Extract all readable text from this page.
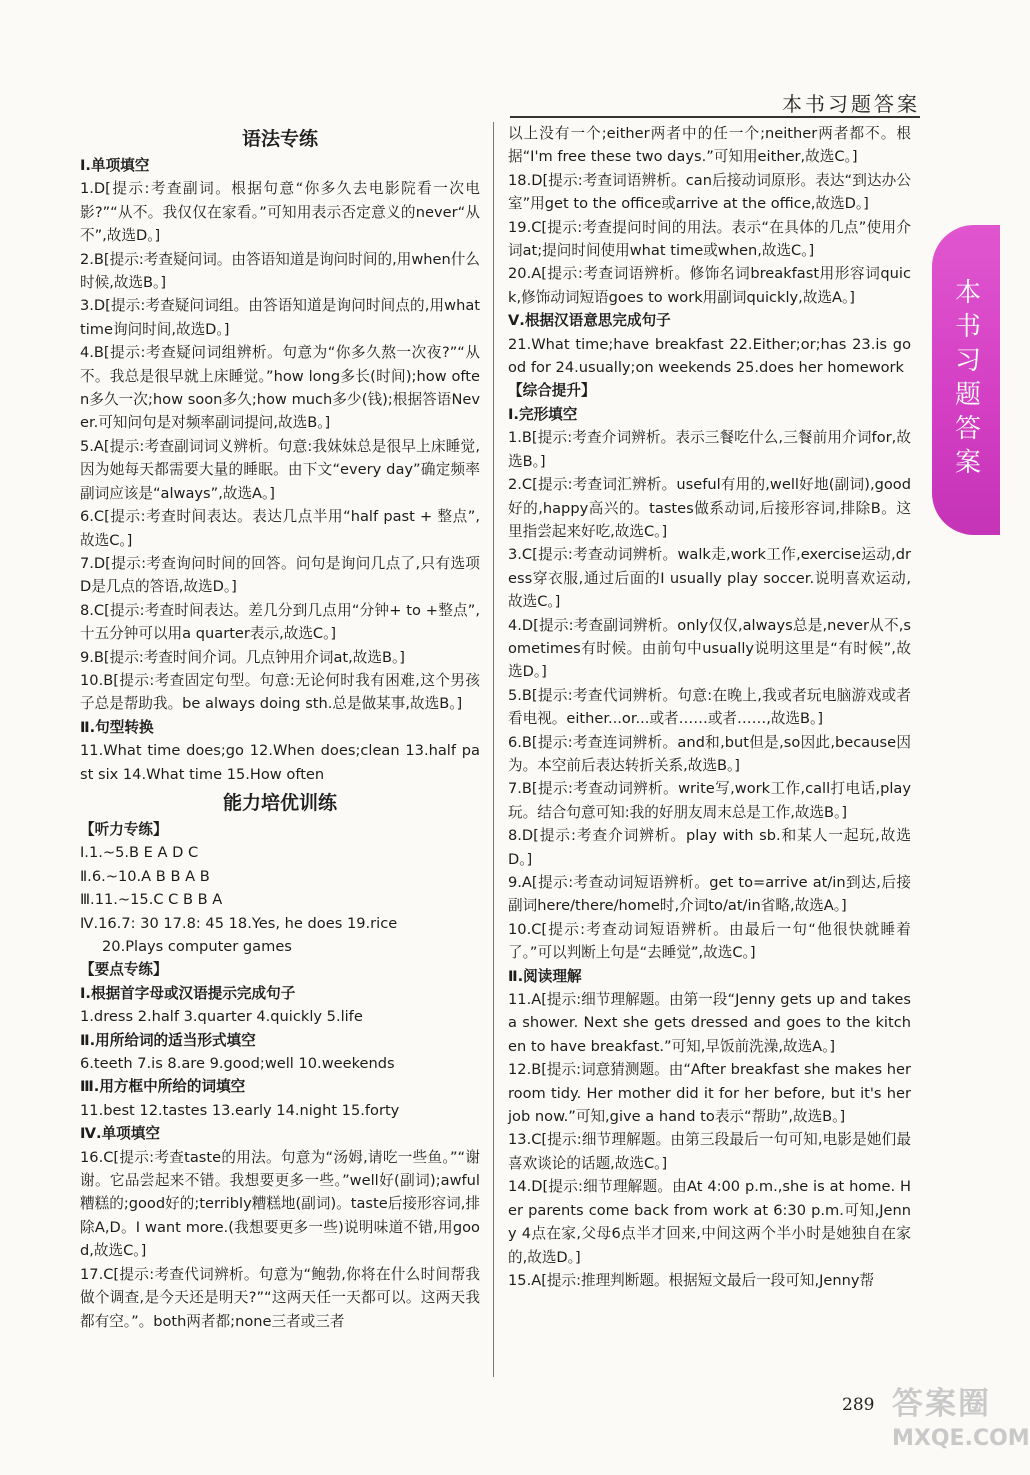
本书习题答案
本书习题答案
语法专练
Ⅰ.单项填空
1.D[提示:考查副词。根据句意“你多久去电影院看一次电影?”“从不。我仅仅在家看。”可知用表示否定意义的never“从不”,故选D。]
2.B[提示:考查疑问词。由答语知道是询问时间的,用when什么时候,故选B。]
3.D[提示:考查疑问词组。由答语知道是询问时间点的,用what time询问时间,故选D。]
4.B[提示:考查疑问词组辨析。句意为“你多久熬一次夜?”“从不。我总是很早就上床睡觉。”how long多长(时间);how often多久一次;how soon多久;how much多少(钱);根据答语Never.可知问句是对频率副词提问,故选B。]
5.A[提示:考查副词词义辨析。句意:我妹妹总是很早上床睡觉,因为她每天都需要大量的睡眠。由下文“every day”确定频率副词应该是“always”,故选A。]
6.C[提示:考查时间表达。表达几点半用“half past + 整点”,故选C。]
7.D[提示:考查询问时间的回答。问句是询问几点了,只有选项D是几点的答语,故选D。]
8.C[提示:考查时间表达。差几分到几点用“分钟+ to +整点”,十五分钟可以用a quarter表示,故选C。]
9.B[提示:考查时间介词。几点钟用介词at,故选B。]
10.B[提示:考查固定句型。句意:无论何时我有困难,这个男孩子总是帮助我。be always doing sth.总是做某事,故选B。]
Ⅱ.句型转换
11.What time does;go 12.When does;clean 13.half past six 14.What time 15.How often
能力培优训练
【听力专练】
Ⅰ.1.~5.B E A D C
Ⅱ.6.~10.A B B A B
Ⅲ.11.~15.C C B B A
Ⅳ.16.7: 30 17.8: 45 18.Yes, he does 19.rice
20.Plays computer games
【要点专练】
Ⅰ.根据首字母或汉语提示完成句子
1.dress 2.half 3.quarter 4.quickly 5.life
Ⅱ.用所给词的适当形式填空
6.teeth 7.is 8.are 9.good;well 10.weekends
Ⅲ.用方框中所给的词填空
11.best 12.tastes 13.early 14.night 15.forty
Ⅳ.单项填空
16.C[提示:考查taste的用法。句意为“汤姆,请吃一些鱼。”“谢谢。它品尝起来不错。我想要更多一些。”well好(副词);awful糟糕的;good好的;terribly糟糕地(副词)。taste后接形容词,排除A,D。I want more.(我想要更多一些)说明味道不错,用good,故选C。]
17.C[提示:考查代词辨析。句意为“鲍勃,你将在什么时间帮我做个调查,是今天还是明天?”“这两天任一天都可以。这两天我都有空。”。both两者都;none三者或三者
以上没有一个;either两者中的任一个;neither两者都不。根据“I'm free these two days.”可知用either,故选C。]
18.D[提示:考查词语辨析。can后接动词原形。表达“到达办公室”用get to the office或arrive at the office,故选D。]
19.C[提示:考查提问时间的用法。表示“在具体的几点”使用介词at;提问时间使用what time或when,故选C。]
20.A[提示:考查词语辨析。修饰名词breakfast用形容词quick,修饰动词短语goes to work用副词quickly,故选A。]
Ⅴ.根据汉语意思完成句子
21.What time;have breakfast 22.Either;or;has 23.is good for 24.usually;on weekends 25.does her homework
【综合提升】
Ⅰ.完形填空
1.B[提示:考查介词辨析。表示三餐吃什么,三餐前用介词for,故选B。]
2.C[提示:考查词汇辨析。useful有用的,well好地(副词),good好的,happy高兴的。tastes做系动词,后接形容词,排除B。这里指尝起来好吃,故选C。]
3.C[提示:考查动词辨析。walk走,work工作,exercise运动,dress穿衣服,通过后面的I usually play soccer.说明喜欢运动,故选C。]
4.D[提示:考查副词辨析。only仅仅,always总是,never从不,sometimes有时候。由前句中usually说明这里是“有时候”,故选D。]
5.B[提示:考查代词辨析。句意:在晚上,我或者玩电脑游戏或者看电视。either...or...或者……或者……,故选B。]
6.B[提示:考查连词辨析。and和,but但是,so因此,because因为。本空前后表达转折关系,故选B。]
7.B[提示:考查动词辨析。write写,work工作,call打电话,play玩。结合句意可知:我的好朋友周末总是工作,故选B。]
8.D[提示:考查介词辨析。play with sb.和某人一起玩,故选D。]
9.A[提示:考查动词短语辨析。get to=arrive at/in到达,后接副词here/there/home时,介词to/at/in省略,故选A。]
10.C[提示:考查动词短语辨析。由最后一句“他很快就睡着了。”可以判断上句是“去睡觉”,故选C。]
Ⅱ.阅读理解
11.A[提示:细节理解题。由第一段“Jenny gets up and takes a shower. Next she gets dressed and goes to the kitchen to have breakfast.”可知,早饭前洗澡,故选A。]
12.B[提示:词意猜测题。由“After breakfast she makes her room tidy. Her mother did it for her before, but it's her job now.”可知,give a hand to表示“帮助”,故选B。]
13.C[提示:细节理解题。由第三段最后一句可知,电影是她们最喜欢谈论的话题,故选C。]
14.D[提示:细节理解题。由At 4:00 p.m.,she is at home. Her parents come back from work at 6:30 p.m.可知,Jenny 4点在家,父母6点半才回来,中间这两个半小时是她独自在家的,故选D。]
15.A[提示:推理判断题。根据短文最后一段可知,Jenny帮
289 答案圈
MXQE.COM
